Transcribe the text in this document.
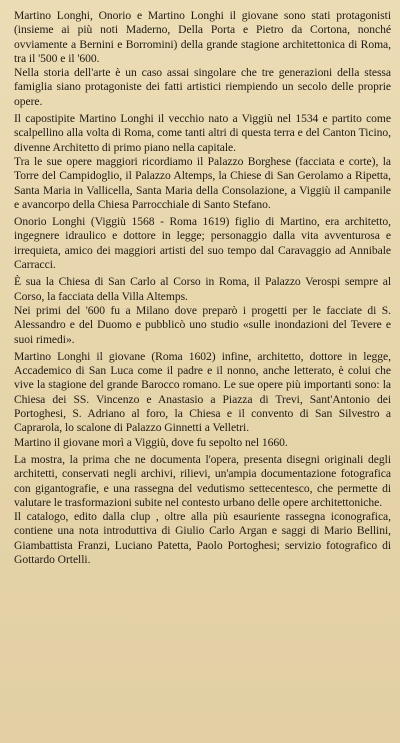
Martino Longhi, Onorio e Martino Longhi il giovane sono stati protagonisti (insieme ai più noti Maderno, Della Porta e Pietro da Cortona, nonché ovviamente a Bernini e Borromini) della grande stagione architettonica di Roma, tra il '500 e il '600.

Nella storia dell'arte è un caso assai singolare che tre generazioni della stessa famiglia siano protagoniste dei fatti artistici riempiendo un secolo delle proprie opere.

Il capostipite Martino Longhi il vecchio nato a Viggiù nel 1534 e partito come scalpellino alla volta di Roma, come tanti altri di questa terra e del Canton Ticino, divenne Architetto di primo piano nella capitale.

Tra le sue opere maggiori ricordiamo il Palazzo Borghese (facciata e corte), la Torre del Campidoglio, il Palazzo Altemps, la Chiese di San Gerolamo a Ripetta, Santa Maria in Vallicella, Santa Maria della Consolazione, a Viggiù il campanile e avancorpo della Chiesa Parrocchiale di Santo Stefano.

Onorio Longhi (Viggiù 1568 - Roma 1619) figlio di Martino, era architetto, ingegnere idraulico e dottore in legge; personaggio dalla vita avventurosa e irrequieta, amico dei maggiori artisti del suo tempo dal Caravaggio ad Annibale Carracci.

È sua la Chiesa di San Carlo al Corso in Roma, il Palazzo Verospi sempre al Corso, la facciata della Villa Altemps.

Nei primi del '600 fu a Milano dove preparò i progetti per le facciate di S. Alessandro e del Duomo e pubblicò uno studio «sulle inondazioni del Tevere e suoi rimedi».

Martino Longhi il giovane (Roma 1602) infine, architetto, dottore in legge, Accademico di San Luca come il padre e il nonno, anche letterato, è colui che vive la stagione del grande Barocco romano. Le sue opere più importanti sono: la Chiesa dei SS. Vincenzo e Anastasio a Piazza di Trevi, Sant'Antonio dei Portoghesi, S. Adriano al foro, la Chiesa e il convento di San Silvestro a Caprarola, lo scalone di Palazzo Ginnetti a Velletri.

Martino il giovane morì a Viggiù, dove fu sepolto nel 1660.

La mostra, la prima che ne documenta l'opera, presenta disegni originali degli architetti, conservati negli archivi, rilievi, un'ampia documentazione fotografica con gigantografie, e una rassegna del vedutismo settecentesco, che permette di valutare le trasformazioni subite nel contesto urbano delle opere architettoniche.

Il catalogo, edito dalla clup , oltre alla più esauriente rassegna iconografica, contiene una nota introduttiva di Giulio Carlo Argan e saggi di Mario Bellini, Giambattista Franzi, Luciano Patetta, Paolo Portoghesi; servizio fotografico di Gottardo Ortelli.
